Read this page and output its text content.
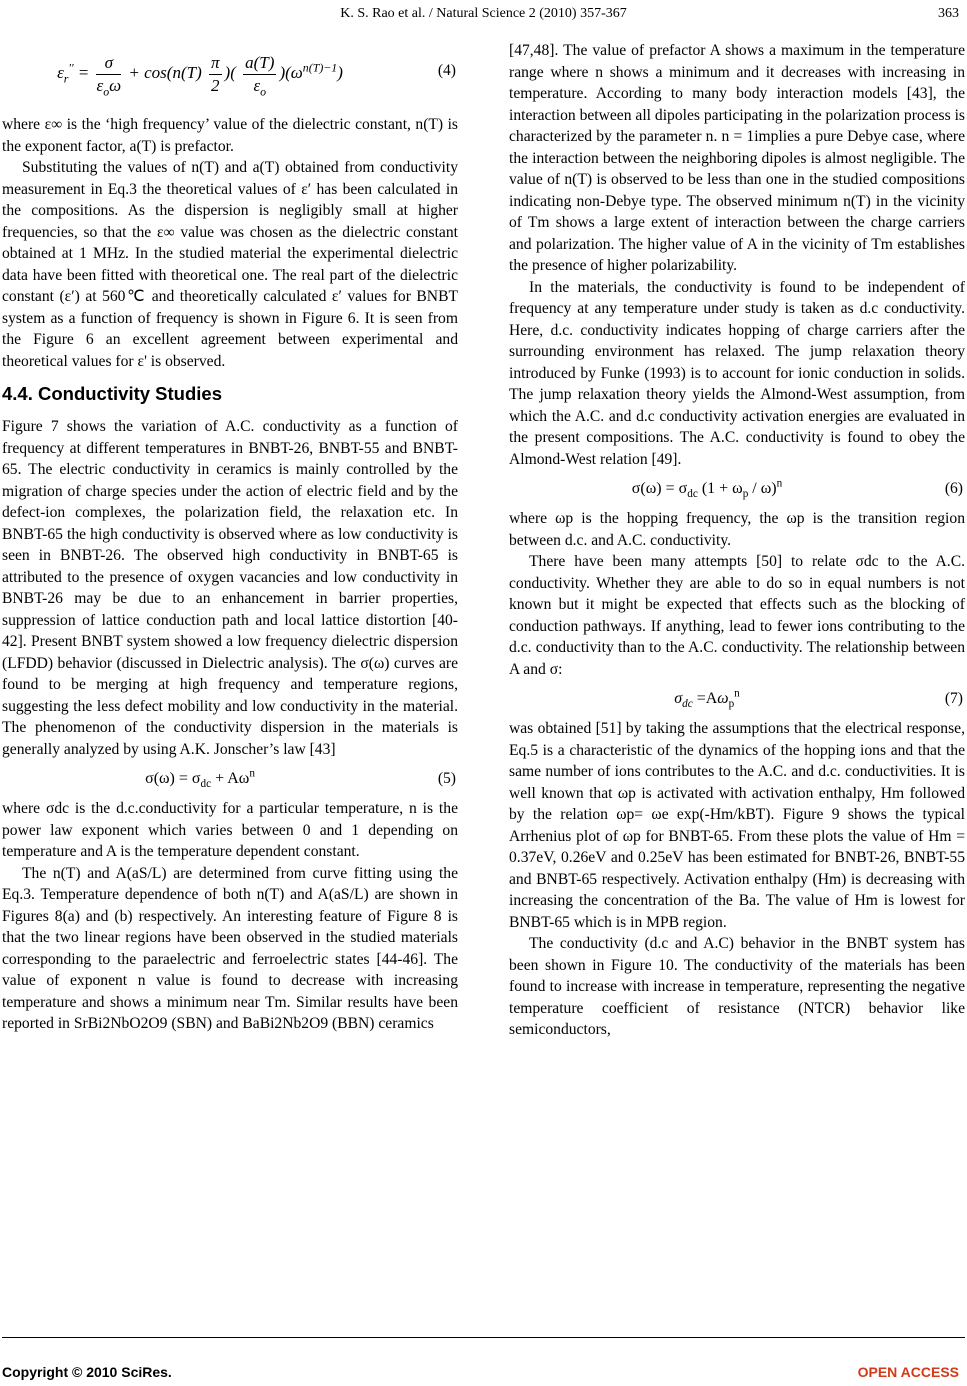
K. S. Rao et al. / Natural Science 2 (2010) 357-367	363
$\varepsilon_r'' = \frac{\sigma}{\varepsilon_o\omega} + \cos(n(T) \frac{\pi}{2}$ )( $\frac{a(T)}{\varepsilon_o} )(\omega^{n(T)-1})$	(4)

where ε∞ is the ‘high frequency’ value of the dielectric constant, n(T) is the exponent factor, a(T) is prefactor.

Substituting the values of n(T) and a(T) obtained from conductivity measurement in Eq.3 the theoretical values of ε′ has been calculated in the compositions. As the dispersion is negligibly small at higher frequencies, so that the ε∞ value was chosen as the dielectric constant obtained at 1 MHz. In the studied material the experimental dielectric data have been fitted with theoretical one. The real part of the dielectric constant (ε′) at 560℃ and theoretically calculated ε′ values for BNBT system as a function of frequency is shown in Figure 6. It is seen from the Figure 6 an excellent agreement between experimental and theoretical values for ε' is observed.

4.4. Conductivity Studies

Figure 7 shows the variation of A.C. conductivity as a function of frequency at different temperatures in BNBT-26, BNBT-55 and BNBT-65. The electric conductivity in ceramics is mainly controlled by the migration of charge species under the action of electric field and by the defect-ion complexes, the polarization field, the relaxation etc. In BNBT-65 the high conductivity is observed where as low conductivity is seen in BNBT-26. The observed high conductivity in BNBT-65 is attributed to the presence of oxygen vacancies and low conductivity in BNBT-26 may be due to an enhancement in barrier properties, suppression of lattice conduction path and local lattice distortion [40-42]. Present BNBT system showed a low frequency dielectric dispersion (LFDD) behavior (discussed in Dielectric analysis). The σ(ω) curves are found to be merging at high frequency and temperature regions, suggesting the less defect mobility and low conductivity in the material. The phenomenon of the conductivity dispersion in the materials is generally analyzed by using A.K. Jonscher’s law [43]

$\sigma(\omega) = \sigma_{dc} + A\omega^n$	(5)

where σdc is the d.c.conductivity for a particular temperature, n is the power law exponent which varies between 0 and 1 depending on temperature and A is the temperature dependent constant.

The n(T) and A(aS/L) are determined from curve fitting using the Eq.3. Temperature dependence of both n(T) and A(aS/L) are shown in Figures 8(a) and (b) respectively. An interesting feature of Figure 8 is that the two linear regions have been observed in the studied materials corresponding to the paraelectric and ferroelectric states [44-46]. The value of exponent n value is found to decrease with increasing temperature and shows a minimum near Tm. Similar results have been reported in SrBi2NbO2O9 (SBN) and BaBi2Nb2O9 (BBN) ceramics

[47,48]. The value of prefactor A shows a maximum in the temperature range where n shows a minimum and it decreases with increasing in temperature. According to many body interaction models [43], the interaction between all dipoles participating in the polarization process is characterized by the parameter n. n = 1implies a pure Debye case, where the interaction between the neighboring dipoles is almost negligible. The value of n(T) is observed to be less than one in the studied compositions indicating non-Debye type. The observed minimum n(T) in the vicinity of Tm shows a large extent of interaction between the charge carriers and polarization. The higher value of A in the vicinity of Tm establishes the presence of higher polarizability.

In the materials, the conductivity is found to be independent of frequency at any temperature under study is taken as d.c conductivity. Here, d.c. conductivity indicates hopping of charge carriers after the surrounding environment has relaxed. The jump relaxation theory introduced by Funke (1993) is to account for ionic conduction in solids. The jump relaxation theory yields the Almond-West assumption, from which the A.C. and d.c conductivity activation energies are evaluated in the present compositions. The A.C. conductivity is found to obey the Almond-West relation [49].

$\sigma(\omega) = \sigma_{dc}$ $(1 + \omega_p / \omega)^n$	(6)

where ωp is the hopping frequency, the ωp is the transition region between d.c. and A.C. conductivity.

There have been many attempts [50] to relate σdc to the A.C. conductivity. Whether they are able to do so in equal numbers is not known but it might be expected that effects such as the blocking of conduction pathways. If anything, lead to fewer ions contributing to the d.c. conductivity than to the A.C. conductivity. The relationship between A and σ:

$\sigma_{dc} =A\omega_p^n$	(7)

was obtained [51] by taking the assumptions that the electrical response, Eq.5 is a characteristic of the dynamics of the hopping ions and that the same number of ions contributes to the A.C. and d.c. conductivities. It is well known that ωp is activated with activation enthalpy, Hm followed by the relation ωp= ωe exp(-Hm/kBT). Figure 9 shows the typical Arrhenius plot of ωp for BNBT-65. From these plots the value of Hm = 0.37eV, 0.26eV and 0.25eV has been estimated for BNBT-26, BNBT-55 and BNBT-65 respectively. Activation enthalpy (Hm) is decreasing with increasing the concentration of the Ba. The value of Hm is lowest for BNBT-65 which is in MPB region.

The conductivity (d.c and A.C) behavior in the BNBT system has been shown in Figure 10. The conductivity of the materials has been found to increase with increase in temperature, representing the negative temperature coefficient of resistance (NTCR) behavior like semiconductors,

Copyright © 2010 SciRes.	OPEN ACCESS
